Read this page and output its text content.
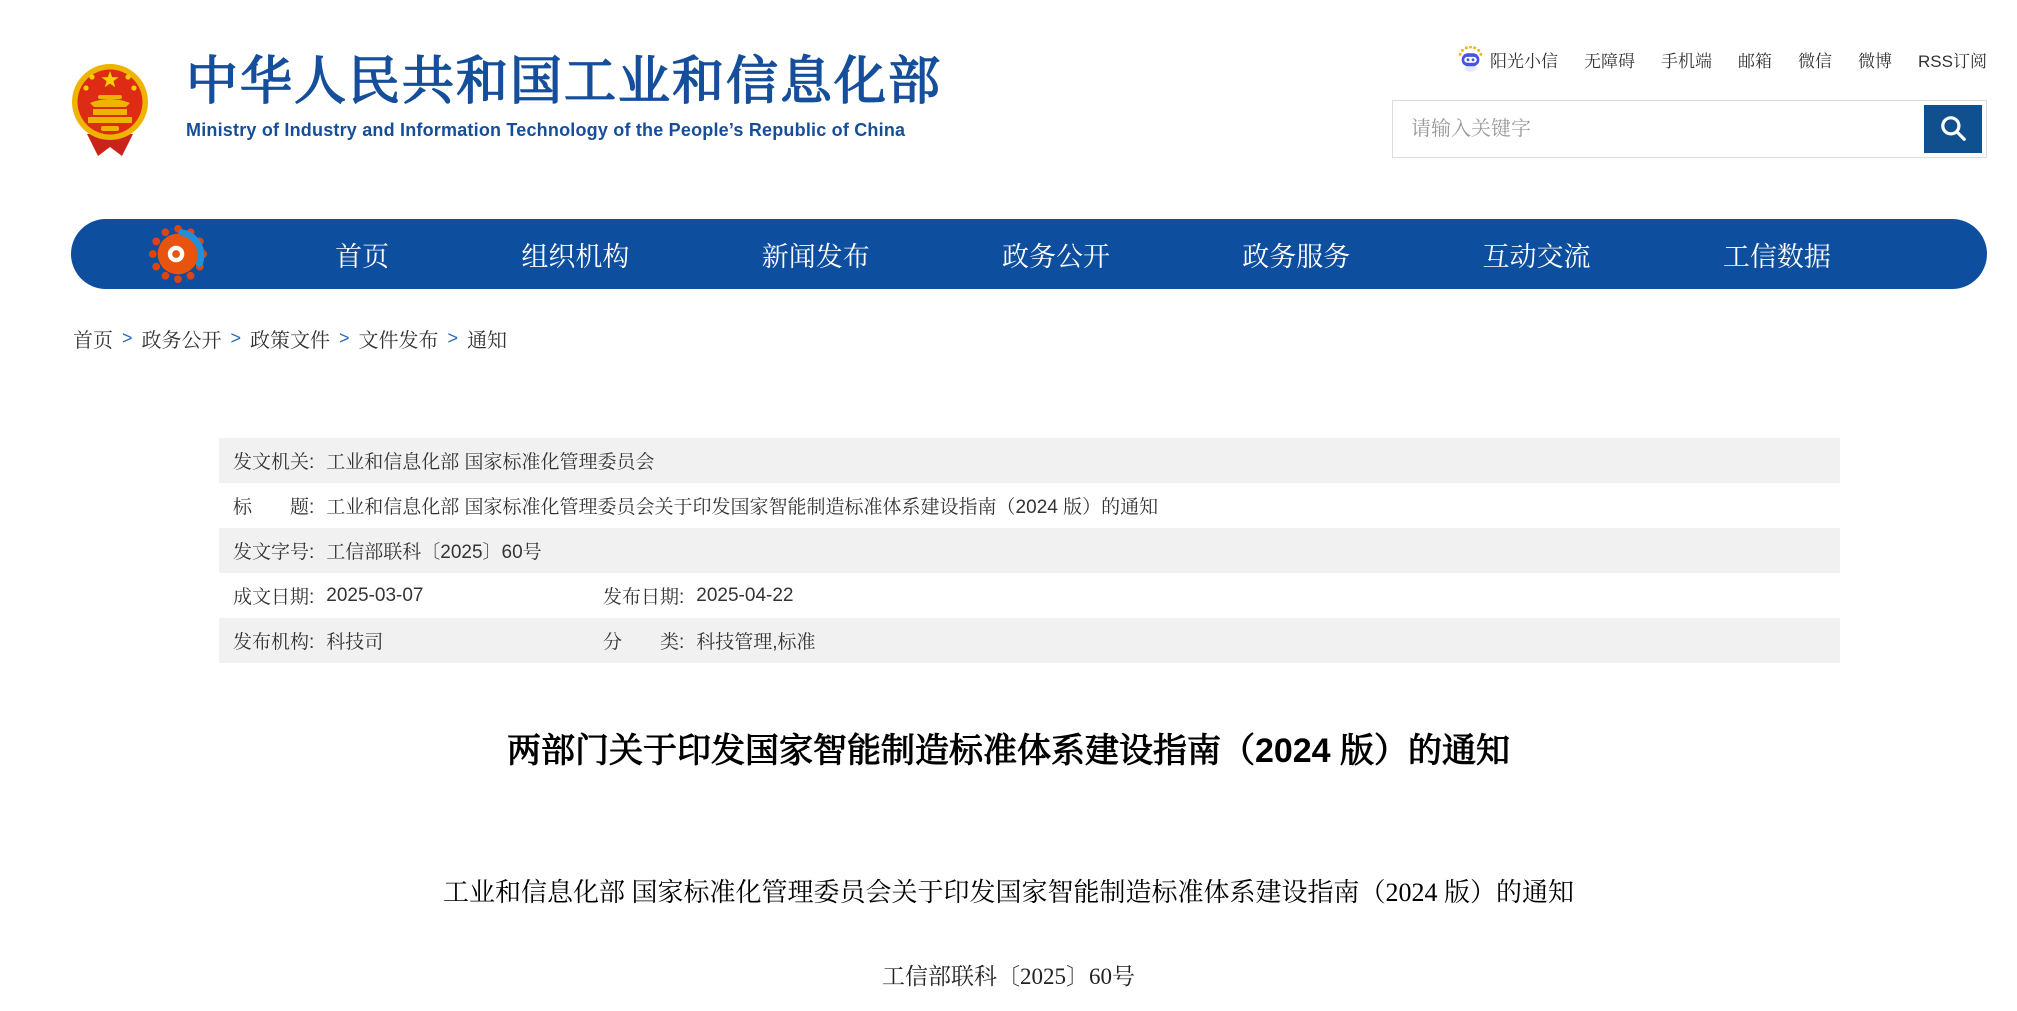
中华人民共和国工业和信息化部
Ministry of Industry and Information Technology of the People’s Republic of China
阳光小信 无障碍 手机端 邮箱 微信 微博 RSS订阅
请输入关键字
首页	组织机构	新闻发布	政务公开	政务服务	互动交流	工信数据
首页 > 政务公开 > 政策文件 > 文件发布 > 通知
发文机关: 工业和信息化部 国家标准化管理委员会
标　　题: 工业和信息化部 国家标准化管理委员会关于印发国家智能制造标准体系建设指南（2024 版）的通知
发文字号: 工信部联科〔2025〕60号
成文日期: 2025-03-07	发布日期: 2025-04-22
发布机构: 科技司	分　　类: 科技管理,标准
两部门关于印发国家智能制造标准体系建设指南（2024 版）的通知
工业和信息化部 国家标准化管理委员会关于印发国家智能制造标准体系建设指南（2024 版）的通知
工信部联科〔2025〕60号
